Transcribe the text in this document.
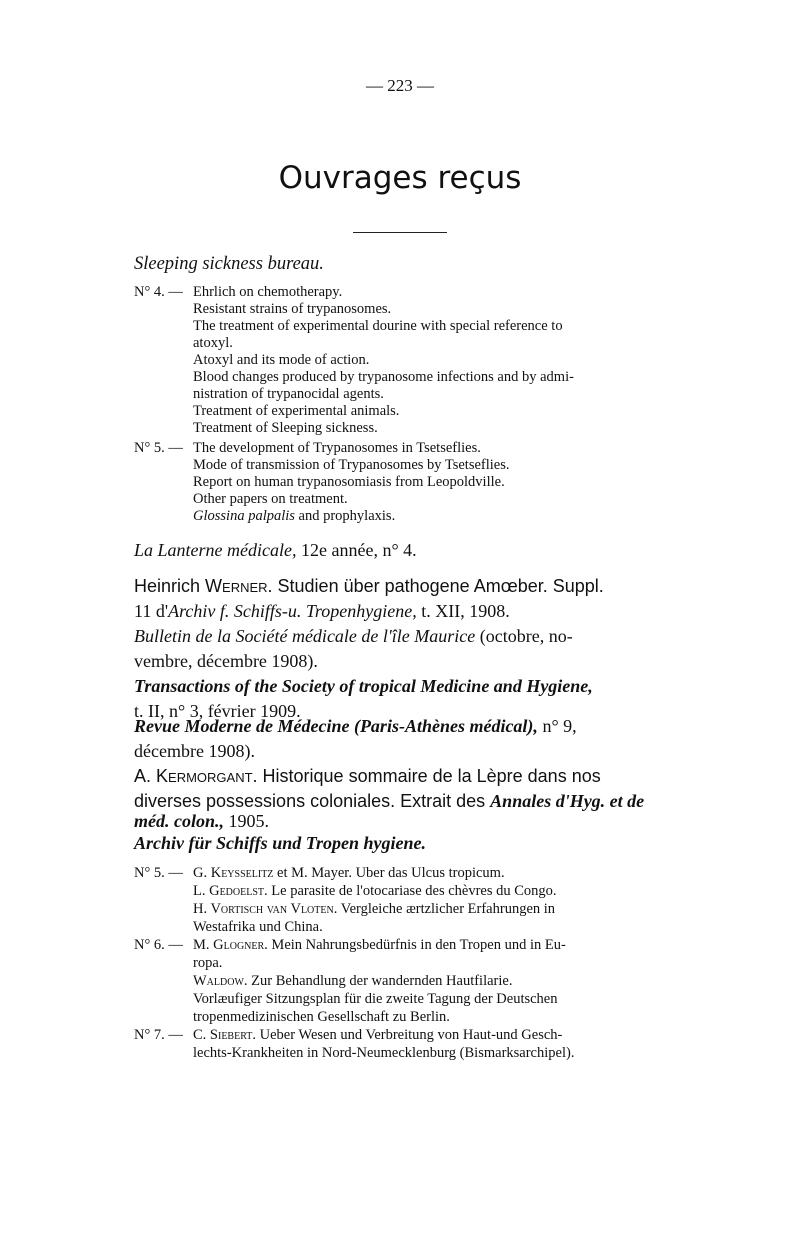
— 223 —
Ouvrages reçus
Sleeping sickness bureau.
N° 4. — Ehrlich on chemotherapy.
Resistant strains of trypanosomes.
The treatment of experimental dourine with special reference to
atoxyl.
Atoxyl and its mode of action.
Blood changes produced by trypanosome infections and by admi-
nistration of trypanocidal agents.
Treatment of experimental animals.
Treatment of Sleeping sickness.
N° 5. — The development of Trypanosomes in Tsetseflies.
Mode of transmission of Trypanosomes by Tsetseflies.
Report on human trypanosomiasis from Leopoldville.
Other papers on treatment.
Glossina palpalis and prophylaxis.
La Lanterne médicale, 12e année, n° 4.
Heinrich Werner. Studien über pathogene Amœber. Suppl.
11 d'Archiv f. Schiffs-u. Tropenhygiene, t. XII, 1908.
Bulletin de la Société médicale de l'île Maurice (octobre, no-
vembre, décembre 1908).
Transactions of the Society of tropical Medicine and Hygiene,
t. II, n° 3, février 1909.
Revue Moderne de Médecine (Paris-Athènes médical), n° 9,
décembre 1908).
A. Kermorgant. Historique sommaire de la Lèpre dans nos
diverses possessions coloniales. Extrait des Annales d'Hyg. et de
méd. colon., 1905.
Archiv für Schiffs und Tropen hygiene.
N° 5. — G. Keysselitz et M. Mayer. Uber das Ulcus tropicum.
L. Gedoelst. Le parasite de l'otocariase des chèvres du Congo.
H. Vortisch van Vloten. Vergleiche ærtzlicher Erfahrungen in
Westafrika und China.
N° 6. — M. Glogner. Mein Nahrungsbedürfnis in den Tropen und in Eu-
ropa.
Waldow. Zur Behandlung der wandernden Hautfilarie.
Vorlæufiger Sitzungsplan für die zweite Tagung der Deutschen
tropenmedizinischen Gesellschaft zu Berlin.
N° 7. — C. Siebert. Ueber Wesen und Verbreitung von Haut-und Gesch-
lechts-Krankheiten in Nord-Neumecklenburg (Bismarksarchipel).
